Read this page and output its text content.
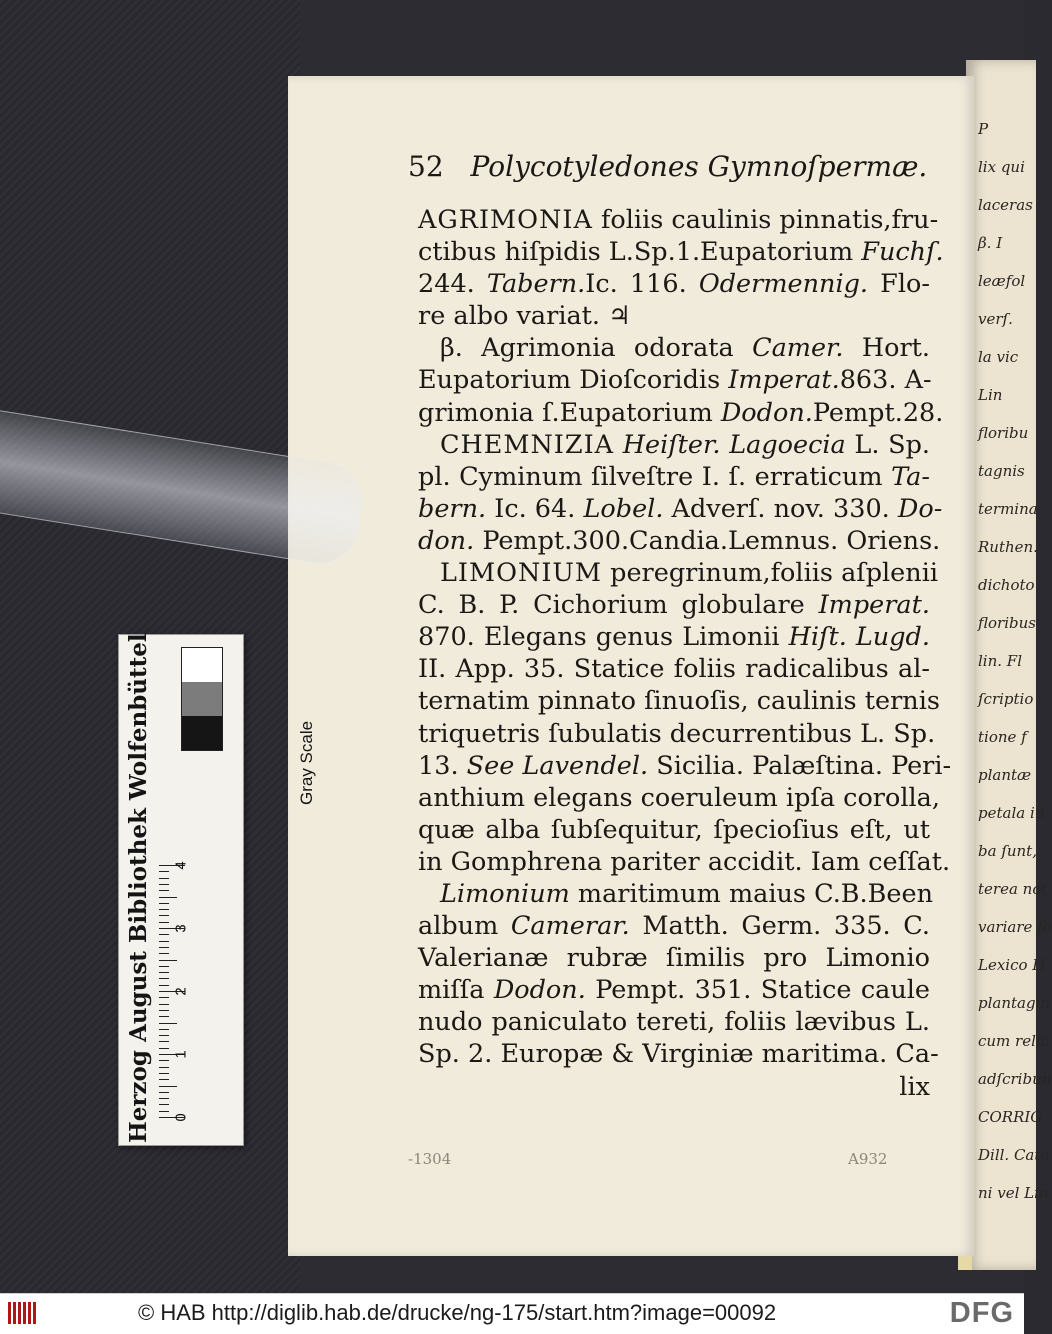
P
lix qui
laceras
β. I
leæfol
verſ.
la vic
Lin
floribu
tagnis
termina
Ruthen.
dichoto
floribus
lin. Fl
ſcriptio
tione f
plantæ
petala in
ba ſunt,
terea not
variare fo
Lexico H
plantagin
cum relic
adſcribun
CORRIG
Dill. Cata
ni vel Lin
52 Polycotyledones Gymnoſpermæ.
AGRIMONIA foliis caulinis pinnatis,fru-
ctibus hiſpidis L.Sp.1.Eupatorium Fuchſ.
244. Tabern.Ic. 116. Odermennig. Flo-
re albo variat. ♃
β. Agrimonia odorata Camer. Hort.
Eupatorium Dioſcoridis Imperat.863. A-
grimonia ſ.Eupatorium Dodon.Pempt.28.
CHEMNIZIA Heiſter. Lagoecia L. Sp.
pl. Cyminum ſilveſtre I. ſ. erraticum Ta-
bern. Ic. 64. Lobel. Adverſ. nov. 330. Do-
don. Pempt.300.Candia.Lemnus. Oriens.
LIMONIUM peregrinum,foliis aſplenii
C. B. P. Cichorium globulare Imperat.
870. Elegans genus Limonii Hiſt. Lugd.
II. App. 35. Statice foliis radicalibus al-
ternatim pinnato ſinuoſis, caulinis ternis
triquetris ſubulatis decurrentibus L. Sp.
13. See Lavendel. Sicilia. Palæſtina. Peri-
anthium elegans coeruleum ipſa corolla,
quæ alba ſubſequitur, ſpecioſius eſt, ut
in Gomphrena pariter accidit. Iam ceſſat.
Limonium maritimum maius C.B.Been
album Camerar. Matth. Germ. 335. C.
Valerianæ rubræ ſimilis pro Limonio
miſſa Dodon. Pempt. 351. Statice caule
nudo paniculato tereti, foliis lævibus L.
Sp. 2. Europæ & Virginiæ maritima. Ca-
lix
-1304	A932
Herzog August Bibliothek Wolfenbüttel	Gray Scale
0
1
2
3
4
© HAB http://diglib.hab.de/drucke/ng-175/start.htm?image=00092	DFG
